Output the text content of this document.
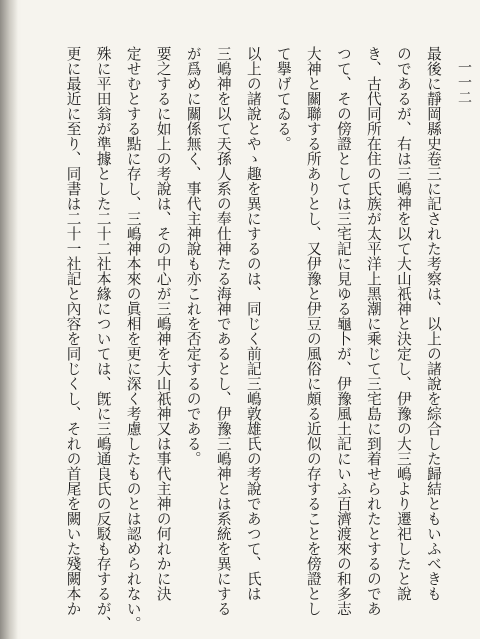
一一二
最後に靜岡縣史卷三に記された考察は、以上の諸說を綜合した歸結ともいふべきも
のであるが、右は三嶋神を以て大山祇神と決定し、伊豫の大三嶋より遷祀したと說
き、古代同所在住の氏族が太平洋上黑潮に乘じて三宅島に到着せられたとするのであ
つて、その傍證としては三宅記に見ゆる龜卜が、伊豫風土記にいふ百濟渡來の和多志
大神と關聯する所ありとし、又伊豫と伊豆の風俗に頗る近似の存することを傍證とし
て擧げてゐる。
以上の諸說とやゝ趣を異にするのは、同じく前記三嶋敦雄氏の考說であつて、氏は
三嶋神を以て天孫人系の奉仕神たる海神であるとし、伊豫三嶋神とは系統を異にする
が爲めに關係無く、事代主神說も亦これを否定するのである。
要之するに如上の考說は、その中心が三嶋神を大山祇神又は事代主神の何れかに決
定せむとする點に存し、三嶋神本來の眞相を更に深く考慮したものとは認められない。
殊に平田翁が準據とした二十二社本緣については、旣に三嶋通良氏の反駁も存するが、
更に最近に至り、同書は二十一社記と內容を同じくし、それの首尾を闕いた殘闕本か
